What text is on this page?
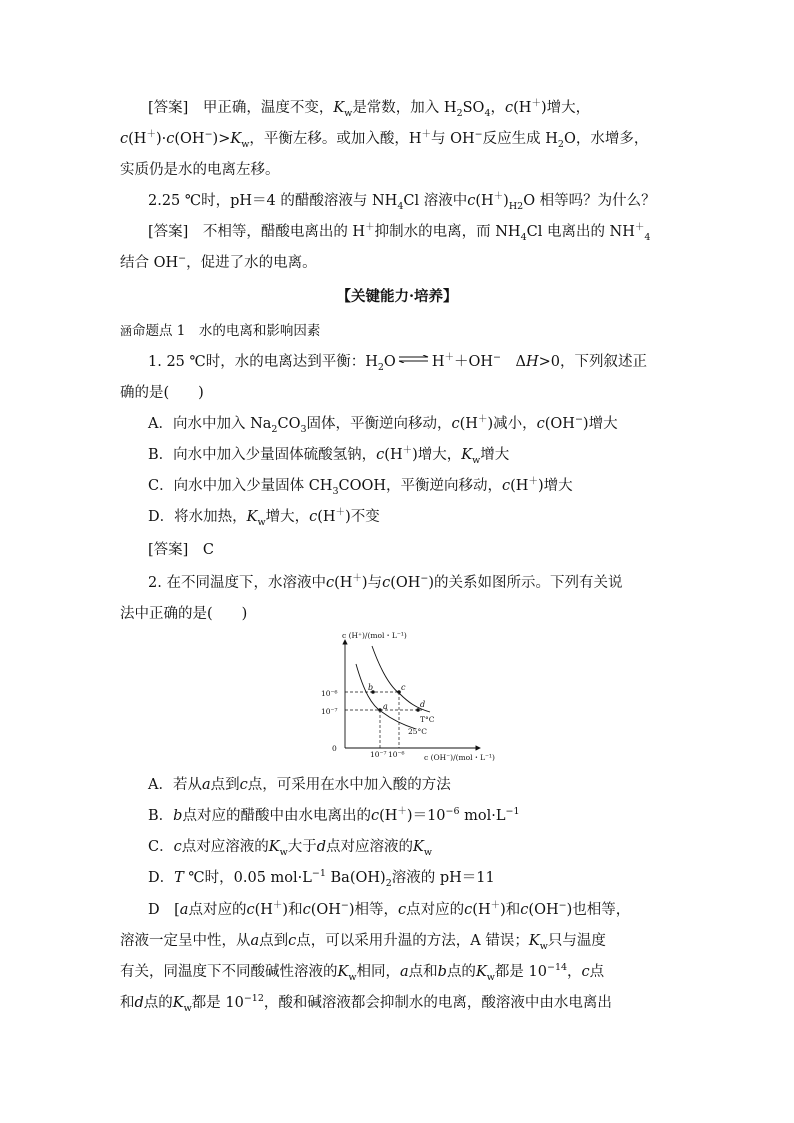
[答案]　 甲正确，温度不变，$K_w$是常数，加入 $H_2SO_4$，c(H＋)增大，
$c(H^+)\cdot c(OH^-)>K_w$，平衡左移。或加入酸，H＋与 OH−反应生成 $H_2O$，水增多，
实质仍是水的电离左移。
2.25 ℃时，pH＝4 的醋酸溶液与 $NH_4Cl$ 溶液中$c(H^+)_{H2}O$ 相等吗？为什么？
[答案]　 不相等，醋酸电离出的 H＋抑制水的电离，而 $NH_4Cl$ 电离出的 $NH^+_4$
结合 OH−，促进了水的电离。
【关键能力·培养】
涵命题点 1　水的电离和影响因素
1. 25 ℃时，水的电离达到平衡：$H_2O$ H＋＋OH−　ΔH>0，下列叙述正
确的是(　　)
A．向水中加入 $Na_2CO_3$固体，平衡逆向移动，c(H＋)减小，c(OH−)增大
B．向水中加入少量固体硫酸氢钠，c(H＋)增大，$K_w$增大
C．向水中加入少量固体 $CH_3COOH$，平衡逆向移动，c(H＋)增大
D．将水加热，$K_w$增大，c(H＋)不变
[答案]　 C
2. 在不同温度下，水溶液中c(H＋)与c(OH−)的关系如图所示。下列有关说
法中正确的是(　　)
c (H⁺)/(mol・L⁻¹)
c (OH⁻)/(mol・L⁻¹)
0
10⁻⁶
10⁻⁷
10⁻⁷ 10⁻⁶
a
b	c
d
T°C
25°C
A．若从a点到c点，可采用在水中加入酸的方法
B．b点对应的醋酸中由水电离出的$c(H^+)=10^{-6}$ $mol\cdot L^{-1}$
C．c点对应溶液的$K_w$大于d点对应溶液的$K_w$
D．T ℃时，0.05 $mol\cdot L^{-1}$ $Ba(OH)_2$溶液的 pH＝11
D　[a点对应的c(H＋)和c(OH−)相等，c点对应的c(H＋)和c(OH−)也相等，
溶液一定呈中性，从a点到c点，可以采用升温的方法，A 错误；$K_w$只与温度
有关，同温度下不同酸碱性溶液的$K_w$相同，a点和b点的$K_w$都是 $10^{-14}$，c点
和d点的$K_w$都是 $10^{-12}$，酸和碱溶液都会抑制水的电离，酸溶液中由水电离出
